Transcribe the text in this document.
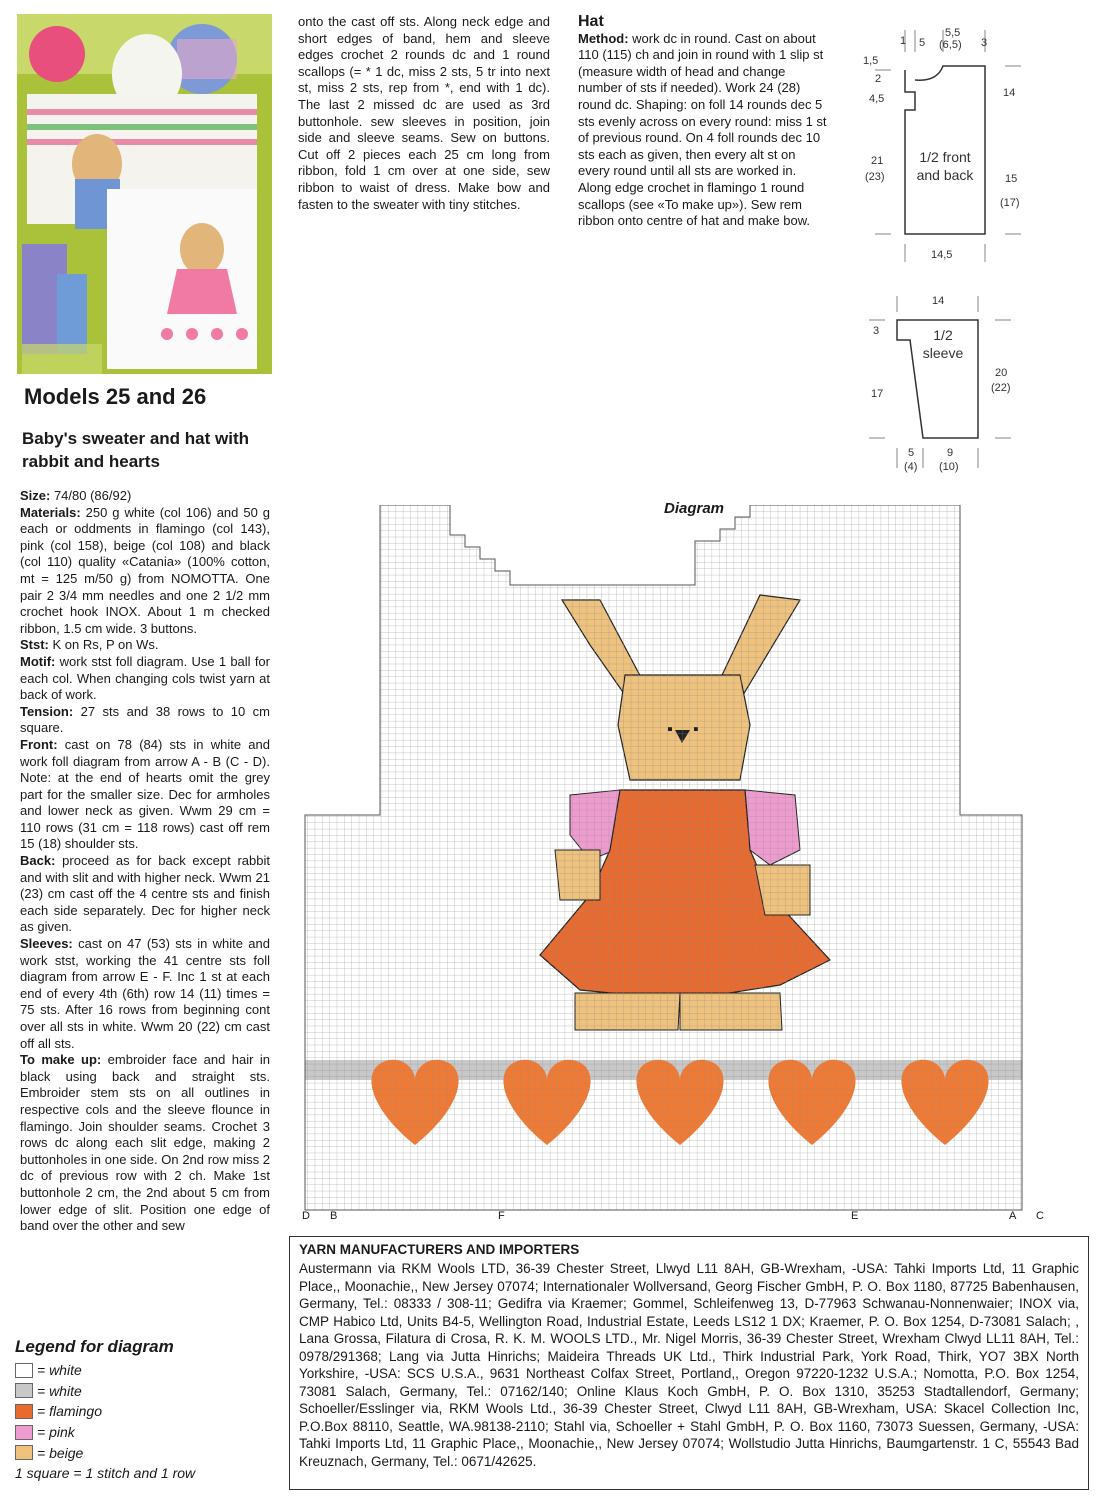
Models 25 and 26
Baby's sweater and hat with rabbit and hearts
Size: 74/80 (86/92)
Materials: 250 g white (col 106) and 50 g each or oddments in flamingo (col 143), pink (col 158), beige (col 108) and black (col 110) quality «Catania» (100% cotton, mt = 125 m/50 g) from NOMOTTA. One pair 2 3/4 mm needles and one 2 1/2 mm crochet hook INOX. About 1 m checked ribbon, 1.5 cm wide. 3 buttons.
Stst: K on Rs, P on Ws.
Motif: work stst foll diagram. Use 1 ball for each col. When changing cols twist yarn at back of work.
Tension: 27 sts and 38 rows to 10 cm square.
Front: cast on 78 (84) sts in white and work foll diagram from arrow A - B (C - D). Note: at the end of hearts omit the grey part for the smaller size. Dec for armholes and lower neck as given. Wwm 29 cm = 110 rows (31 cm = 118 rows) cast off rem 15 (18) shoulder sts.
Back: proceed as for back except rabbit and with slit and with higher neck. Wwm 21 (23) cm cast off the 4 centre sts and finish each side separately. Dec for higher neck as given.
Sleeves: cast on 47 (53) sts in white and work stst, working the 41 centre sts foll diagram from arrow E - F. Inc 1 st at each end of every 4th (6th) row 14 (11) times = 75 sts. After 16 rows from beginning cont over all sts in white. Wwm 20 (22) cm cast off all sts.
To make up: embroider face and hair in black using back and straight sts. Embroider stem sts on all outlines in respective cols and the sleeve flounce in flamingo. Join shoulder seams. Crochet 3 rows dc along each slit edge, making 2 buttonholes in one side. On 2nd row miss 2 dc of previous row with 2 ch. Make 1st buttonhole 2 cm, the 2nd about 5 cm from lower edge of slit. Position one edge of band over the other and sew
onto the cast off sts. Along neck edge and short edges of band, hem and sleeve edges crochet 2 rounds dc and 1 round scallops (= * 1 dc, miss 2 sts, 5 tr into next st, miss 2 sts, rep from *, end with 1 dc). The last 2 missed dc are used as 3rd buttonhole. sew sleeves in position, join side and sleeve seams. Sew on buttons. Cut off 2 pieces each 25 cm long from ribbon, fold 1 cm over at one side, sew ribbon to waist of dress. Make bow and fasten to the sweater with tiny stitches.
Hat
Method: work dc in round. Cast on about 110 (115) ch and join in round with 1 slip st (measure width of head and change number of sts if needed). Work 24 (28) round dc. Shaping: on foll 14 rounds dec 5 sts evenly across on every round: miss 1 st of previous round. On 4 foll rounds dec 10 sts each as given, then every alt st on every round until all sts are worked in. Along edge crochet in flamingo 1 round scallops (see «To make up»). Sew rem ribbon onto centre of hat and make bow.
1 5
5,5
(6,5) 3
1,5
2
4,5
21
(23)
14
15
(17)
14,5
1/2 front
and back
14
3
17
20
(22)
5
(4)
9
(10)
1/2
sleeve
Diagram
D B	F	E	A C
Legend for diagram
= white
= white
= flamingo
= pink
= beige
1 square = 1 stitch and 1 row
YARN MANUFACTURERS AND IMPORTERS

Austermann via RKM Wools LTD, 36-39 Chester Street, Llwyd L11 8AH, GB-Wrexham, -USA: Tahki Imports Ltd, 11 Graphic Place,, Moonachie,, New Jersey 07074; Internationaler Wollversand, Georg Fischer GmbH, P. O. Box 1180, 87725 Babenhausen, Germany, Tel.: 08333 / 308-11; Gedifra via Kraemer; Gommel, Schleifenweg 13, D-77963 Schwanau-Nonnenwaier; INOX via, CMP Habico Ltd, Units B4-5, Wellington Road, Industrial Estate, Leeds LS12 1 DX; Kraemer, P. O. Box 1254, D-73081 Salach; , Lana Grossa, Filatura di Crosa, R. K. M. WOOLS LTD., Mr. Nigel Morris, 36-39 Chester Street, Wrexham Clwyd LL11 8AH, Tel.: 0978/291368; Lang via Jutta Hinrichs; Maideira Threads UK Ltd., Thirk Industrial Park, York Road, Thirk, YO7 3BX North Yorkshire, -USA: SCS U.S.A., 9631 Northeast Colfax Street, Portland,, Oregon 97220-1232 U.S.A.; Nomotta, P.O. Box 1254, 73081 Salach, Germany, Tel.: 07162/140; Online Klaus Koch GmbH, P. O. Box 1310, 35253 Stadtallendorf, Germany; Schoeller/Esslinger via, RKM Wools Ltd., 36-39 Chester Street, Clwyd L11 8AH, GB-Wrexham, USA: Skacel Collection Inc, P.O.Box 88110, Seattle, WA.98138-2110; Stahl via, Schoeller + Stahl GmbH, P. O. Box 1160, 73073 Suessen, Germany, -USA: Tahki Imports Ltd, 11 Graphic Place,, Moonachie,, New Jersey 07074; Wollstudio Jutta Hinrichs, Baumgartenstr. 1 C, 55543 Bad Kreuznach, Germany, Tel.: 0671/42625.
